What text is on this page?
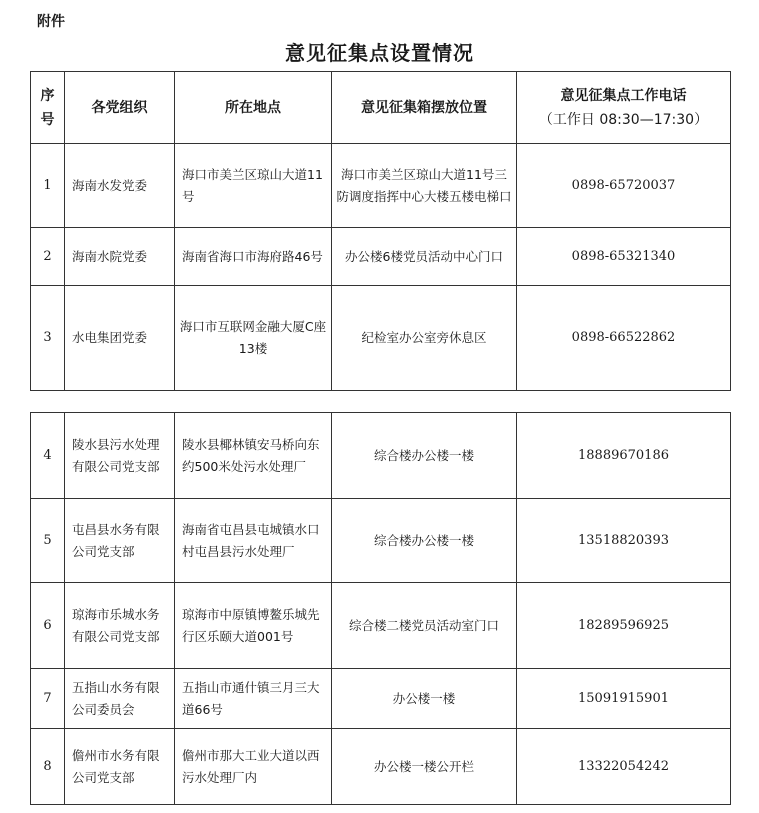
附件
意见征集点设置情况
序
号	各党组织	所在地点	意见征集箱摆放位置	意见征集点工作电话
（工作日 08:30—17:30）
1	海南水发党委	海口市美兰区琼山大道11号	海口市美兰区琼山大道11号三防调度指挥中心大楼五楼电梯口	0898-65720037
2	海南水院党委	海南省海口市海府路46号	办公楼6楼党员活动中心门口	0898-65321340
3	水电集团党委	海口市互联网金融大厦C座13楼	纪检室办公室旁休息区	0898-66522862
4	陵水县污水处理有限公司党支部	陵水县椰林镇安马桥向东约500米处污水处理厂	综合楼办公楼一楼	18889670186
5	屯昌县水务有限公司党支部	海南省屯昌县屯城镇水口村屯昌县污水处理厂	综合楼办公楼一楼	13518820393
6	琼海市乐城水务有限公司党支部	琼海市中原镇博鳌乐城先行区乐颐大道001号	综合楼二楼党员活动室门口	18289596925
7	五指山水务有限公司委员会	五指山市通什镇三月三大道66号	办公楼一楼	15091915901
8	儋州市水务有限公司党支部	儋州市那大工业大道以西污水处理厂内	办公楼一楼公开栏	13322054242
